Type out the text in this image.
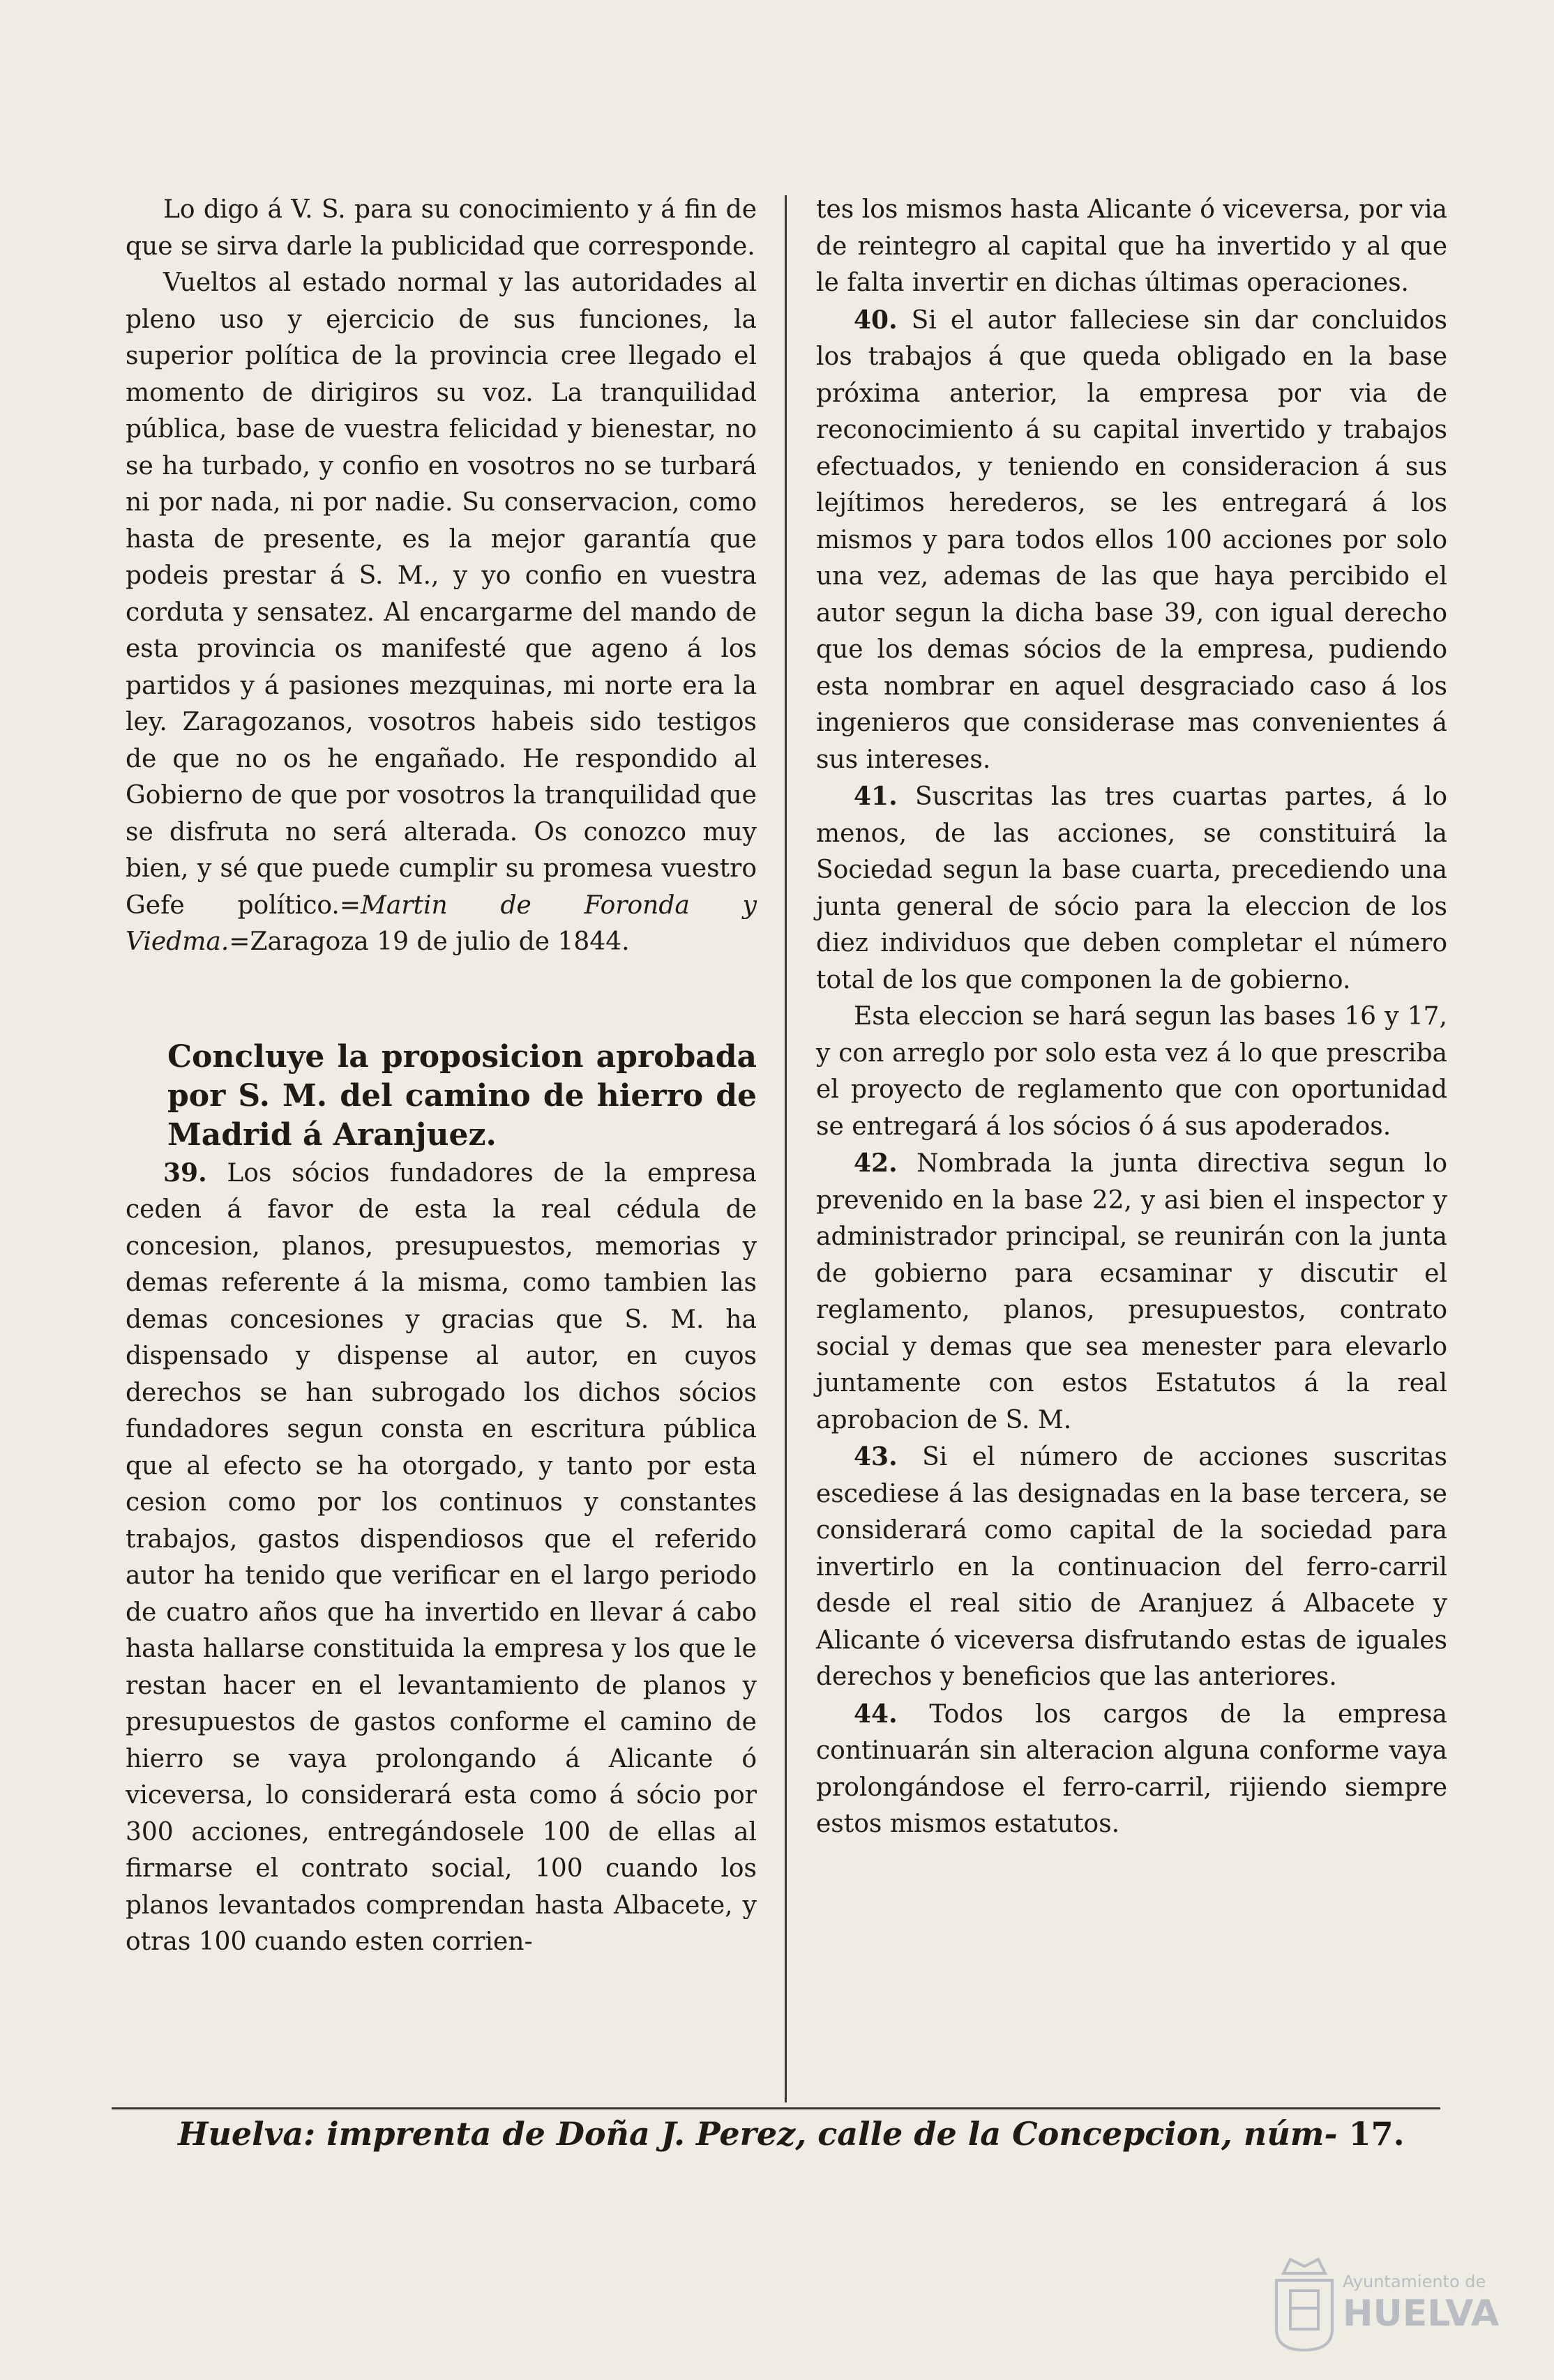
Lo digo á V. S. para su conocimiento y á fin de que se sirva darle la publicidad que corresponde.

Vueltos al estado normal y las autoridades al pleno uso y ejercicio de sus funciones, la superior política de la provincia cree llegado el momento de dirigiros su voz. La tranquilidad pública, base de vuestra felicidad y bienestar, no se ha turbado, y confio en vosotros no se turbará ni por nada, ni por nadie. Su conservacion, como hasta de presente, es la mejor garantía que podeis prestar á S. M., y yo confio en vuestra corduta y sensatez. Al encargarme del mando de esta provincia os manifesté que ageno á los partidos y á pasiones mezquinas, mi norte era la ley. Zaragozanos, vosotros habeis sido testigos de que no os he engañado. He respondido al Gobierno de que por vosotros la tranquilidad que se disfruta no será alterada. Os conozco muy bien, y sé que puede cumplir su promesa vuestro Gefe político.=Martin de Foronda y Viedma.=Zaragoza 19 de julio de 1844.

Concluye la proposicion aprobada por S. M. del camino de hierro de Madrid á Aranjuez.

39. Los sócios fundadores de la empresa ceden á favor de esta la real cédula de concesion, planos, presupuestos, memorias y demas referente á la misma, como tambien las demas concesiones y gracias que S. M. ha dispensado y dispense al autor, en cuyos derechos se han subrogado los dichos sócios fundadores segun consta en escritura pública que al efecto se ha otorgado, y tanto por esta cesion como por los continuos y constantes trabajos, gastos dispendiosos que el referido autor ha tenido que verificar en el largo periodo de cuatro años que ha invertido en llevar á cabo hasta hallarse constituida la empresa y los que le restan hacer en el levantamiento de planos y presupuestos de gastos conforme el camino de hierro se vaya prolongando á Alicante ó viceversa, lo considerará esta como á sócio por 300 acciones, entregándosele 100 de ellas al firmarse el contrato social, 100 cuando los planos levantados comprendan hasta Albacete, y otras 100 cuando esten corrien-

tes los mismos hasta Alicante ó viceversa, por via de reintegro al capital que ha invertido y al que le falta invertir en dichas últimas operaciones.

40. Si el autor falleciese sin dar concluidos los trabajos á que queda obligado en la base próxima anterior, la empresa por via de reconocimiento á su capital invertido y trabajos efectuados, y teniendo en consideracion á sus lejítimos herederos, se les entregará á los mismos y para todos ellos 100 acciones por solo una vez, ademas de las que haya percibido el autor segun la dicha base 39, con igual derecho que los demas sócios de la empresa, pudiendo esta nombrar en aquel desgraciado caso á los ingenieros que considerase mas convenientes á sus intereses.

41. Suscritas las tres cuartas partes, á lo menos, de las acciones, se constituirá la Sociedad segun la base cuarta, precediendo una junta general de sócio para la eleccion de los diez individuos que deben completar el número total de los que componen la de gobierno.

Esta eleccion se hará segun las bases 16 y 17, y con arreglo por solo esta vez á lo que prescriba el proyecto de reglamento que con oportunidad se entregará á los sócios ó á sus apoderados.

42. Nombrada la junta directiva segun lo prevenido en la base 22, y asi bien el inspector y administrador principal, se reunirán con la junta de gobierno para ecsaminar y discutir el reglamento, planos, presupuestos, contrato social y demas que sea menester para elevarlo juntamente con estos Estatutos á la real aprobacion de S. M.

43. Si el número de acciones suscritas escediese á las designadas en la base tercera, se considerará como capital de la sociedad para invertirlo en la continuacion del ferro-carril desde el real sitio de Aranjuez á Albacete y Alicante ó viceversa disfrutando estas de iguales derechos y beneficios que las anteriores.

44. Todos los cargos de la empresa continuarán sin alteracion alguna conforme vaya prolongándose el ferro-carril, rijiendo siempre estos mismos estatutos.

Huelva: imprenta de Doña J. Perez, calle de la Concepcion, núm- 17.
Ayuntamiento de
HUELVA
